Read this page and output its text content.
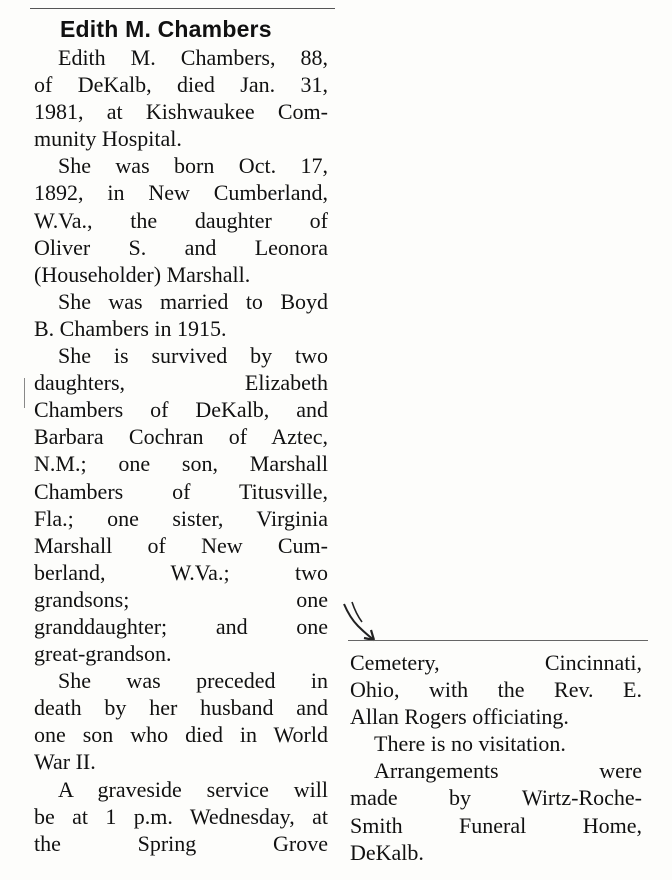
Edith M. Chambers
Edith M. Chambers, 88,
of DeKalb, died Jan. 31,
1981, at Kishwaukee Com-
munity Hospital.
She was born Oct. 17,
1892, in New Cumberland,
W.Va., the daughter of
Oliver S. and Leonora
(Householder) Marshall.
She was married to Boyd
B. Chambers in 1915.
She is survived by two
daughters, Elizabeth
Chambers of DeKalb, and
Barbara Cochran of Aztec,
N.M.; one son, Marshall
Chambers of Titusville,
Fla.; one sister, Virginia
Marshall of New Cum-
berland, W.Va.; two
grandsons; one
granddaughter; and one
great-grandson.
She was preceded in
death by her husband and
one son who died in World
War II.
A graveside service will
be at 1 p.m. Wednesday, at
the Spring Grove
Cemetery, Cincinnati,
Ohio, with the Rev. E.
Allan Rogers officiating.
There is no visitation.
Arrangements were
made by Wirtz-Roche-
Smith Funeral Home,
DeKalb.
